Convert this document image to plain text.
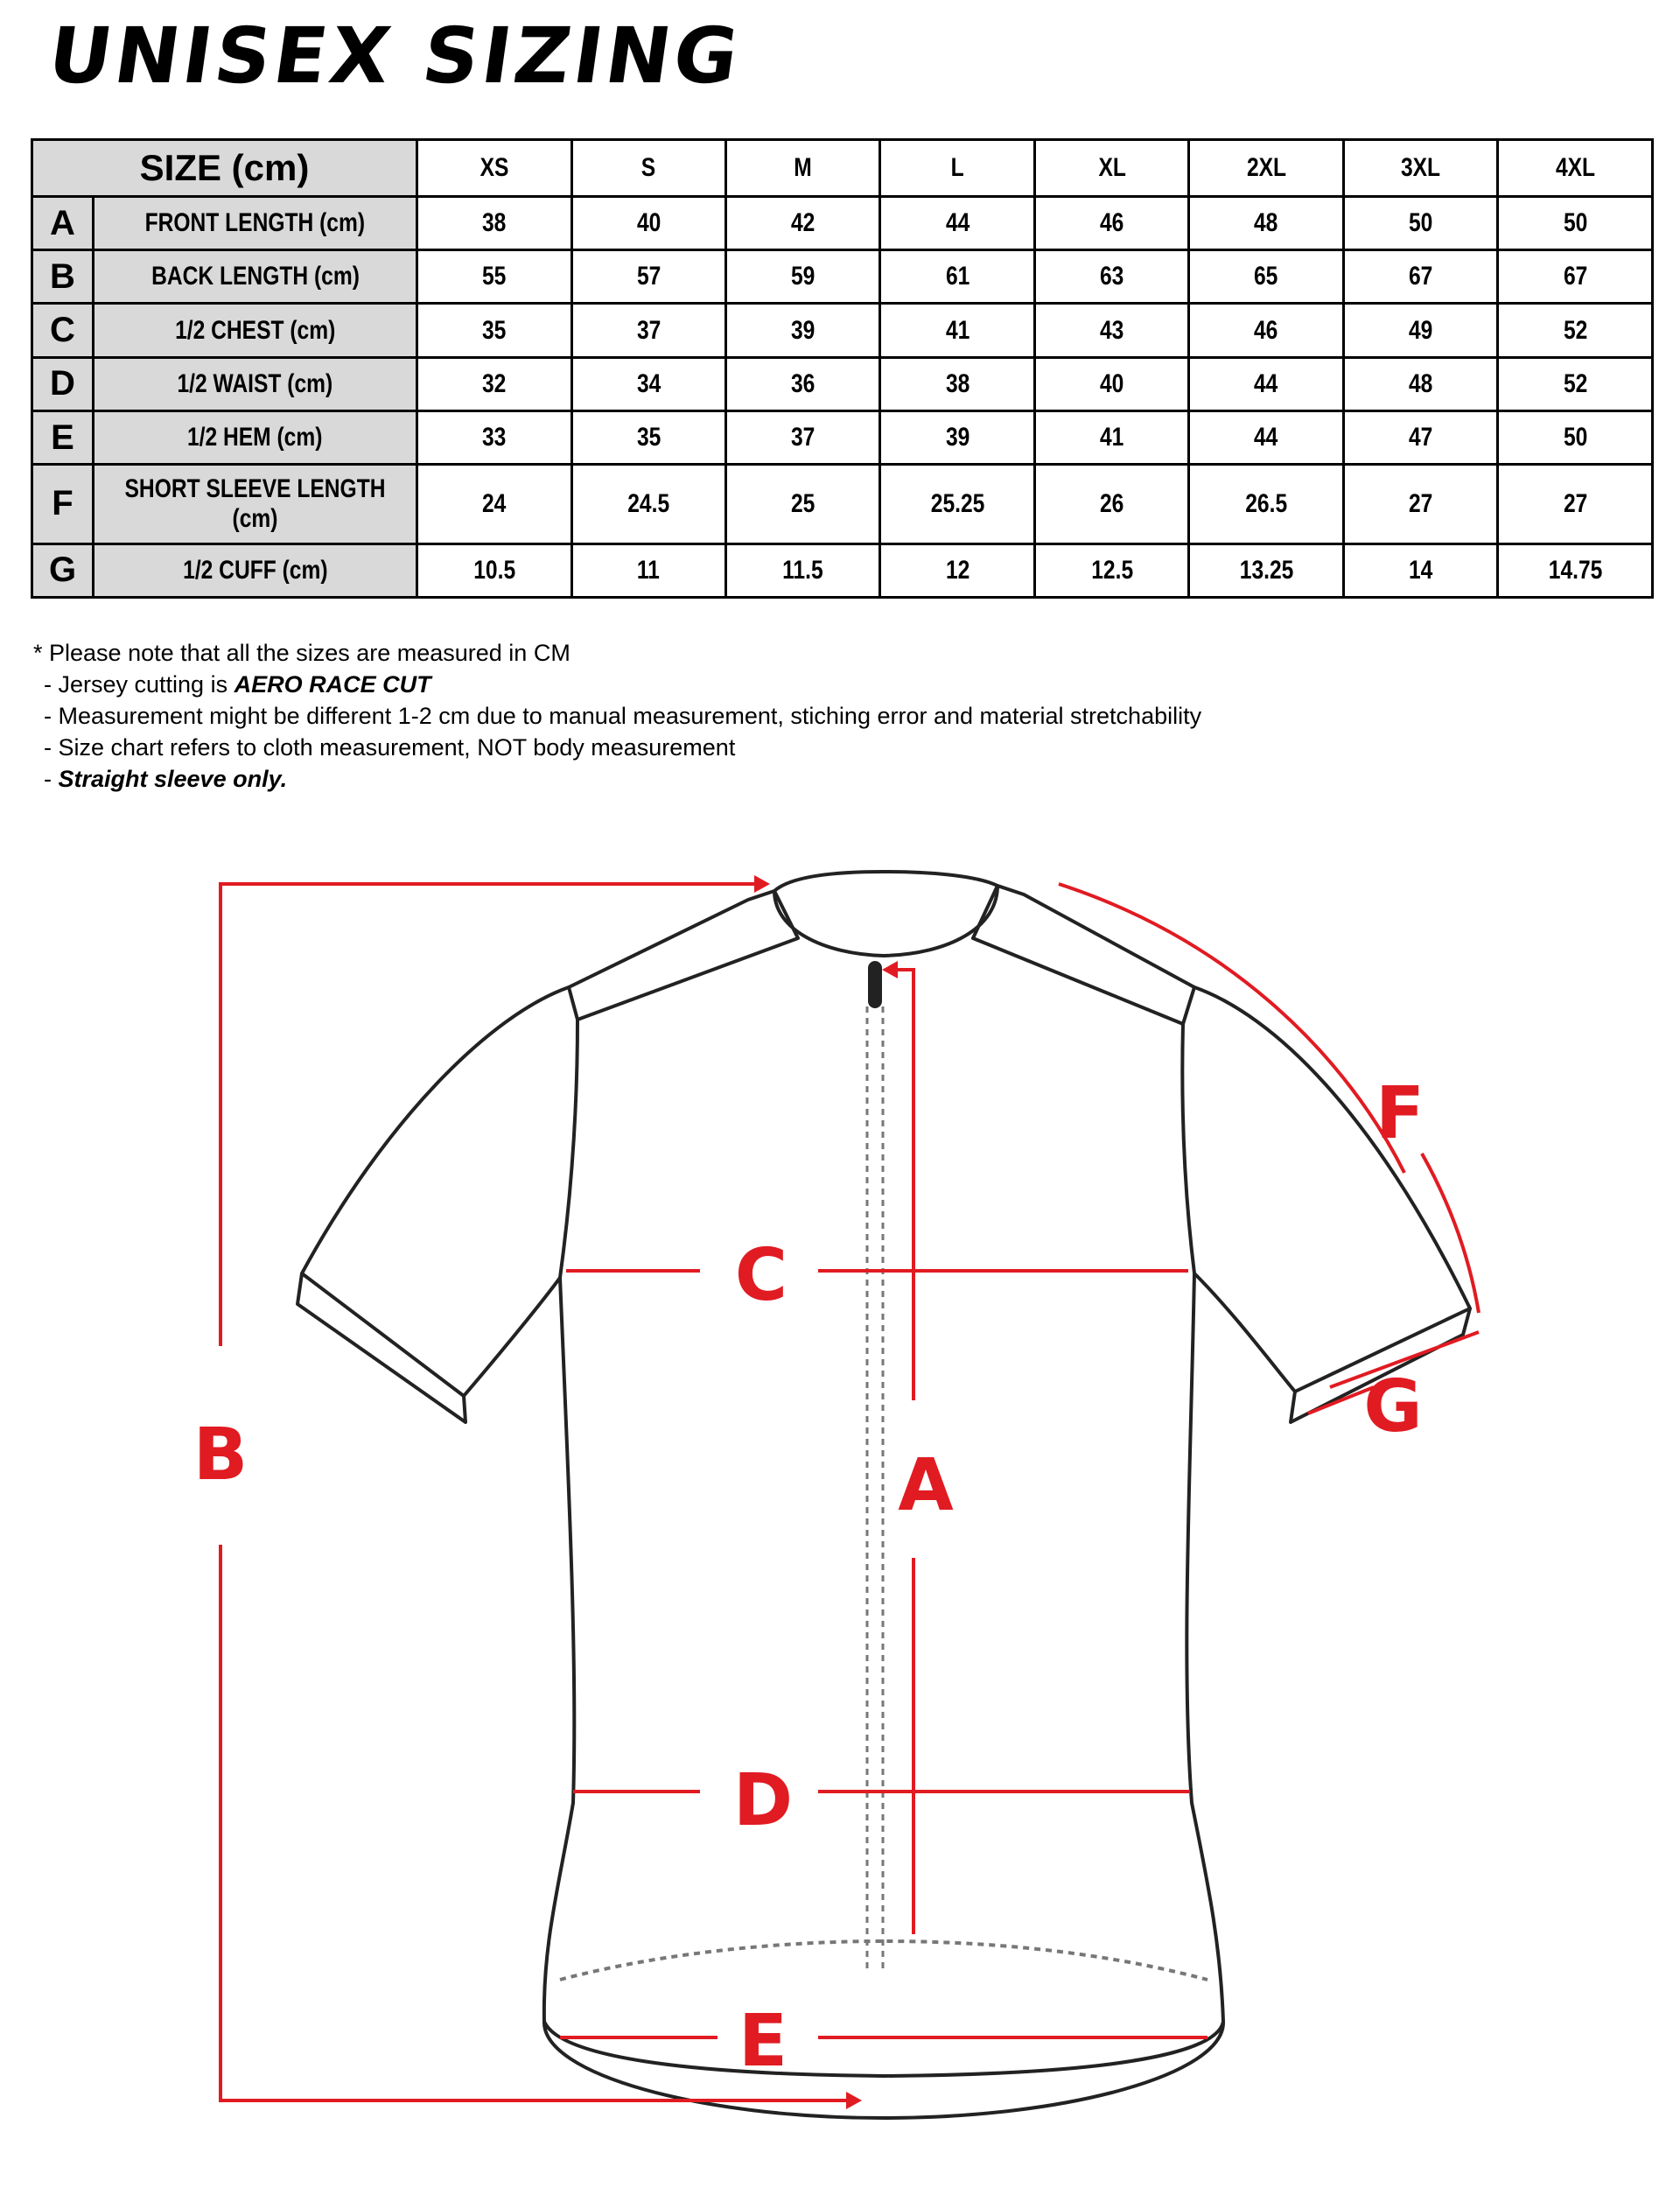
UNISEX SIZING
SIZE (cm)		XS	S	M	L	XL	2XL	3XL	4XL
A	FRONT LENGTH (cm)	38	40	42	44	46	48	50	50
B	BACK LENGTH (cm)	55	57	59	61	63	65	67	67
C	1/2 CHEST (cm)	35	37	39	41	43	46	49	52
D	1/2 WAIST (cm)	32	34	36	38	40	44	48	52
E	1/2 HEM (cm)	33	35	37	39	41	44	47	50
F	SHORT SLEEVE LENGTH (cm)	24	24.5	25	25.25	26	26.5	27	27
G	1/2 CUFF (cm)	10.5	11	11.5	12	12.5	13.25	14	14.75
* Please note that all the sizes are measured in CM
- Jersey cutting is AERO RACE CUT
- Measurement might be different 1-2 cm due to manual measurement, stiching error and material stretchability
- Size chart refers to cloth measurement, NOT body measurement
- Straight sleeve only.
B	A
C
D
E
F
G
